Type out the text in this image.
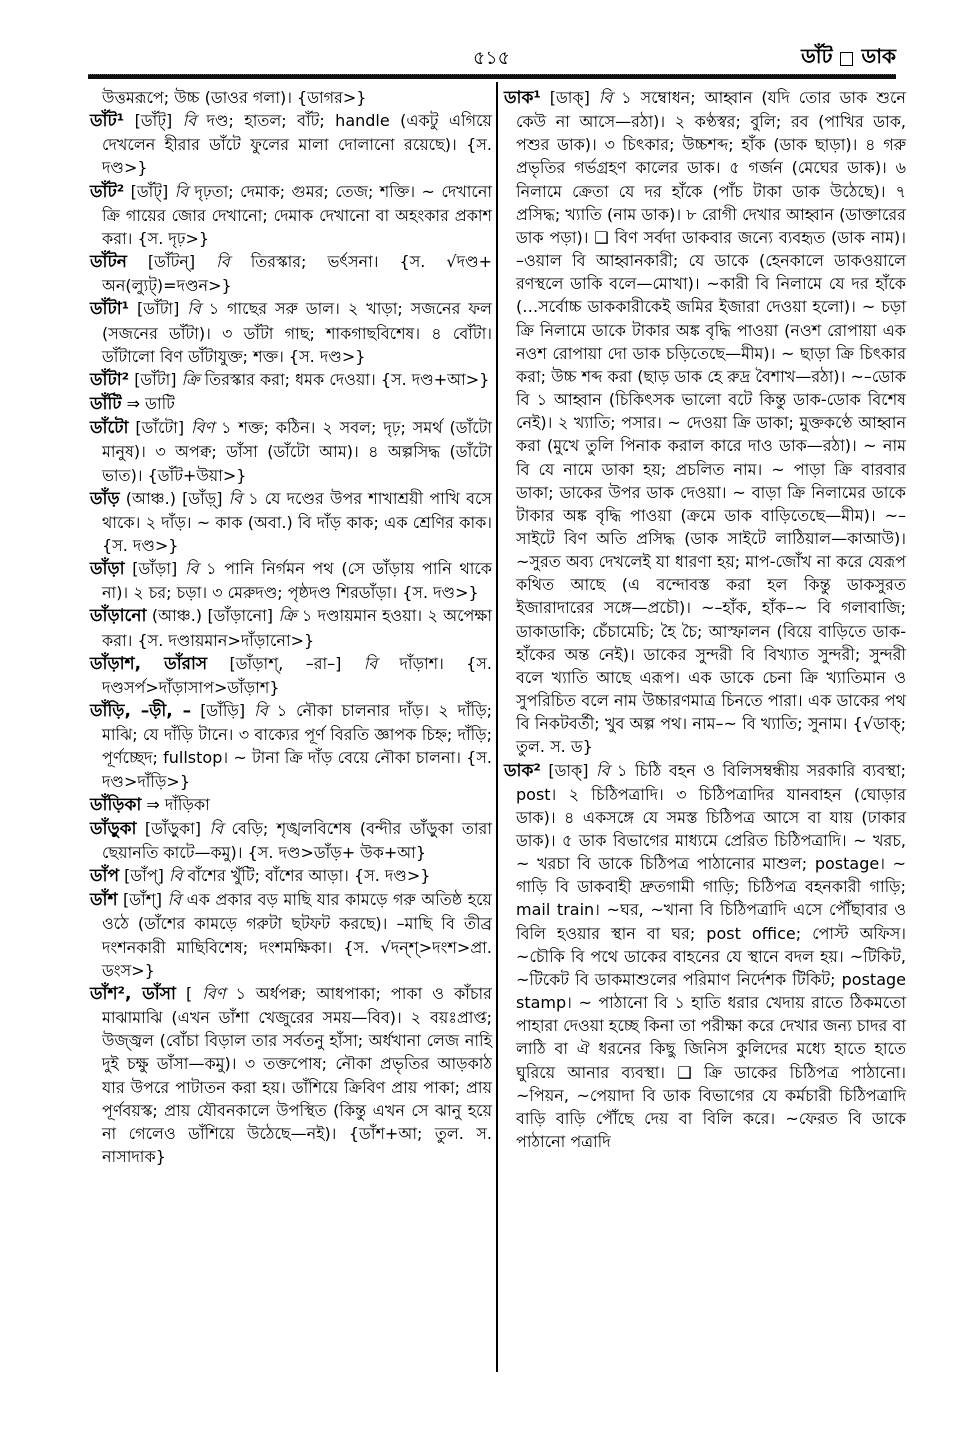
৫১৫	ডাঁট ডাক

উত্তমরূপে; উচ্চ (ডাওর গলা)। {ডাগর>}

ডাঁট¹ [ডাঁট্] বি দণ্ড; হাতল; বাঁট; handle (একটু এগিয়ে দেখলেন হীরার ডাঁটে ফুলের মালা দোলানো রয়েছে)। {স. দণ্ড>}

ডাঁট² [ডাঁট্] বি দৃঢ়তা; দেমাক; গুমর; তেজ; শক্তি। ~ দেখানো ক্রি গায়ের জোর দেখানো; দেমাক দেখানো বা অহংকার প্রকাশ করা। {স. দৃঢ়>}

ডাঁটন [ডাঁটন্] বি তিরস্কার; ভর্ৎসনা। {স. √দণ্ড+ অন(ল্যুট্)=দণ্ডন>}

ডাঁটা¹ [ডাঁটা] বি ১ গাছের সরু ডাল। ২ খাড়া; সজনের ফল (সজনের ডাঁটা)। ৩ ডাঁটা গাছ; শাকগাছবিশেষ। ৪ বোঁটা। ডাঁটালো বিণ ডাঁটাযুক্ত; শক্ত। {স. দণ্ড>}

ডাঁটা² [ডাঁটা] ক্রি তিরস্কার করা; ধমক দেওয়া। {স. দণ্ড+আ>}

ডাঁটি ⇒ ডাটি

ডাঁটো [ডাঁটো] বিণ ১ শক্ত; কঠিন। ২ সবল; দৃঢ়; সমর্থ (ডাঁটো মানুষ)। ৩ অপক্ব; ডাঁসা (ডাঁটো আম)। ৪ অল্পসিদ্ধ (ডাঁটো ভাত)। {ডাঁট+উয়া>}

ডাঁড় (আঞ্চ.) [ডাঁড়্] বি ১ যে দণ্ডের উপর শাখাশ্রয়ী পাখি বসে থাকে। ২ দাঁড়। ~ কাক (অবা.) বি দাঁড় কাক; এক শ্রেণির কাক। {স. দণ্ড>}

ডাঁড়া [ডাঁড়া] বি ১ পানি নির্গমন পথ (সে ডাঁড়ায় পানি থাকে না)। ২ চর; চড়া। ৩ মেরুদণ্ড; পৃষ্ঠদণ্ড শিরডাঁড়া। {স. দণ্ড>}

ডাঁড়ানো (আঞ্চ.) [ডাঁড়ানো] ক্রি ১ দণ্ডায়মান হওয়া। ২ অপেক্ষা করা। {স. দণ্ডায়মান>দাঁড়ানো>}

ডাঁড়াশ, ডাঁরাস [ডাঁড়াশ্, –রা–] বি দাঁড়াশ। {স. দণ্ডসর্প>দাঁড়াসাপ>ডাঁড়াশ}

ডাঁড়ি, –ড়ী, – [ডাঁড়ি] বি ১ নৌকা চালনার দাঁড়। ২ দাঁড়ি; মাঝি; যে দাঁড়ি টানে। ৩ বাক্যের পূর্ণ বিরতি জ্ঞাপক চিহ্ন; দাঁড়ি; পূর্ণচ্ছেদ; fullstop। ~ টানা ক্রি দাঁড় বেয়ে নৌকা চালনা। {স. দণ্ড>দাঁড়ি>}

ডাঁড়িকা ⇒ দাঁড়িকা

ডাঁড়ুকা [ডাঁড়ুকা] বি বেড়ি; শৃঙ্খলবিশেষ (বন্দীর ডাঁড়ুকা তারা ছেয়ানতি কাটে—কমু)। {স. দণ্ড>ডাঁড়+ উক+আ}

ডাঁপ [ডাঁপ্] বি বাঁশের খুঁটি; বাঁশের আড়া। {স. দণ্ড>}

ডাঁশ [ডাঁশ্] বি এক প্রকার বড় মাছি যার কামড়ে গরু অতিষ্ঠ হয়ে ওঠে (ডাঁশের কামড়ে গরুটা ছটফট করছে)। –মাছি বি তীব্র দংশনকারী মাছিবিশেষ; দংশমক্ষিকা। {স. √দন্‌শ্>দংশ>প্রা. ডংস>}

ডাঁশ², ডাঁসা [ বিণ ১ অর্ধপক্ব; আধপাকা; পাকা ও কাঁচার মাঝামাঝি (এখন ডাঁশা খেজুরের সময়—বিব)। ২ বয়ঃপ্রাপ্ত; উজ্জ্বল (বোঁচা বিড়াল তার সর্বতনু হাঁসা; অর্ধখানা লেজ নাহি দুই চক্ষু ডাঁসা—কমু)। ৩ তক্তপোষ; নৌকা প্রভৃতির আড়কাঠ যার উপরে পাটাতন করা হয়। ডাঁশিয়ে ক্রিবিণ প্রায় পাকা; প্রায় পূর্ণবয়স্ক; প্রায় যৌবনকালে উপস্থিত (কিন্তু এখন সে ঝানু হয়ে না গেলেও ডাঁশিয়ে উঠেছে—নই)। {ডাঁশ+আ; তুল. স. নাসাদাক}

ডাক¹ [ডাক্] বি ১ সম্বোধন; আহ্বান (যদি তোর ডাক শুনে কেউ না আসে—রঠা)। ২ কণ্ঠস্বর; বুলি; রব (পাখির ডাক, পশুর ডাক)। ৩ চিৎকার; উচ্চশব্দ; হাঁক (ডাক ছাড়া)। ৪ গরু প্রভৃতির গর্ভগ্রহণ কালের ডাক। ৫ গর্জন (মেঘের ডাক)। ৬ নিলামে ক্রেতা যে দর হাঁকে (পাঁচ টাকা ডাক উঠেছে)। ৭ প্রসিদ্ধ; খ্যাতি (নাম ডাক)। ৮ রোগী দেখার আহ্বান (ডাক্তারের ডাক পড়া)। ❑ বিণ সর্বদা ডাকবার জন্যে ব্যবহৃত (ডাক নাম)। –ওয়াল বি আহ্বানকারী; যে ডাকে (হেনকালে ডাকওয়ালে রণস্থলে ডাকি বলে—মোখা)। ~কারী বি নিলামে যে দর হাঁকে (…সর্বোচ্চ ডাককারীকেই জমির ইজারা দেওয়া হলো)। ~ চড়া ক্রি নিলামে ডাকে টাকার অঙ্ক বৃদ্ধি পাওয়া (নওশ রোপায়া এক নওশ রোপায়া দো ডাক চড়িতেছে—মীম)। ~ ছাড়া ক্রি চিৎকার করা; উচ্চ শব্দ করা (ছাড় ডাক হে রুদ্র বৈশাখ—রঠা)। ~–ডোক বি ১ আহ্বান (চিকিৎসক ভালো বটে কিন্তু ডাক-ডোক বিশেষ নেই)। ২ খ্যাতি; পসার। ~ দেওয়া ক্রি ডাকা; মুক্তকণ্ঠে আহ্বান করা (মুখে তুলি পিনাক করাল কারে দাও ডাক—রঠা)। ~ নাম বি যে নামে ডাকা হয়; প্রচলিত নাম। ~ পাড়া ক্রি বারবার ডাকা; ডাকের উপর ডাক দেওয়া। ~ বাড়া ক্রি নিলামের ডাকে টাকার অঙ্ক বৃদ্ধি পাওয়া (ক্রমে ডাক বাড়িতেছে—মীম)। ~–সাইটে বিণ অতি প্রসিদ্ধ (ডাক সাইটে লাঠিয়াল—কাআউ)। ~সুরত অব্য দেখলেই যা ধারণা হয়; মাপ-জোঁখ না করে যেরূপ কথিত আছে (এ বন্দোবস্ত করা হল কিন্তু ডাকসুরত ইজারাদারের সঙ্গে—প্রচৌ)। ~–হাঁক, হাঁক–~ বি গলাবাজি; ডাকাডাকি; চেঁচামেচি; হৈ চৈ; আস্ফালন (বিয়ে বাড়িতে ডাক-হাঁকের অন্ত নেই)। ডাকের সুন্দরী বি বিখ্যাত সুন্দরী; সুন্দরী বলে খ্যাতি আছে এরূপ। এক ডাকে চেনা ক্রি খ্যাতিমান ও সুপরিচিত বলে নাম উচ্চারণমাত্র চিনতে পারা। এক ডাকের পথ বি নিকটবর্তী; খুব অল্প পথ। নাম–~ বি খ্যাতি; সুনাম। {√ডাক্; তুল. স. ড}

ডাক² [ডাক্] বি ১ চিঠি বহন ও বিলিসম্বন্ধীয় সরকারি ব্যবস্থা; post। ২ চিঠিপত্রাদি। ৩ চিঠিপত্রাদির যানবাহন (ঘোড়ার ডাক)। ৪ একসঙ্গে যে সমস্ত চিঠিপত্র আসে বা যায় (ঢাকার ডাক)। ৫ ডাক বিভাগের মাধ্যমে প্রেরিত চিঠিপত্রাদি। ~ খরচ, ~ খরচা বি ডাকে চিঠিপত্র পাঠানোর মাশুল; postage। ~ গাড়ি বি ডাকবাহী দ্রুতগামী গাড়ি; চিঠিপত্র বহনকারী গাড়ি; mail train। ~ঘর, ~খানা বি চিঠিপত্রাদি এসে পৌঁছাবার ও বিলি হওয়ার স্থান বা ঘর; post office; পোস্ট অফিস। ~চৌকি বি পথে ডাকের বাহনের যে স্থানে বদল হয়। ~টিকিট, ~টিকেট বি ডাকমাশুলের পরিমাণ নির্দেশক টিকিট; postage stamp। ~ পাঠানো বি ১ হাতি ধরার খেদায় রাতে ঠিকমতো পাহারা দেওয়া হচ্ছে কিনা তা পরীক্ষা করে দেখার জন্য চাদর বা লাঠি বা ঐ ধরনের কিছু জিনিস কুলিদের মধ্যে হাতে হাতে ঘুরিয়ে আনার ব্যবস্থা। ❑ ক্রি ডাকের চিঠিপত্র পাঠানো। ~পিয়ন, ~পেয়াদা বি ডাক বিভাগের যে কর্মচারী চিঠিপত্রাদি বাড়ি বাড়ি পৌঁছে দেয় বা বিলি করে। ~ফেরত বি ডাকে পাঠানো পত্রাদি
